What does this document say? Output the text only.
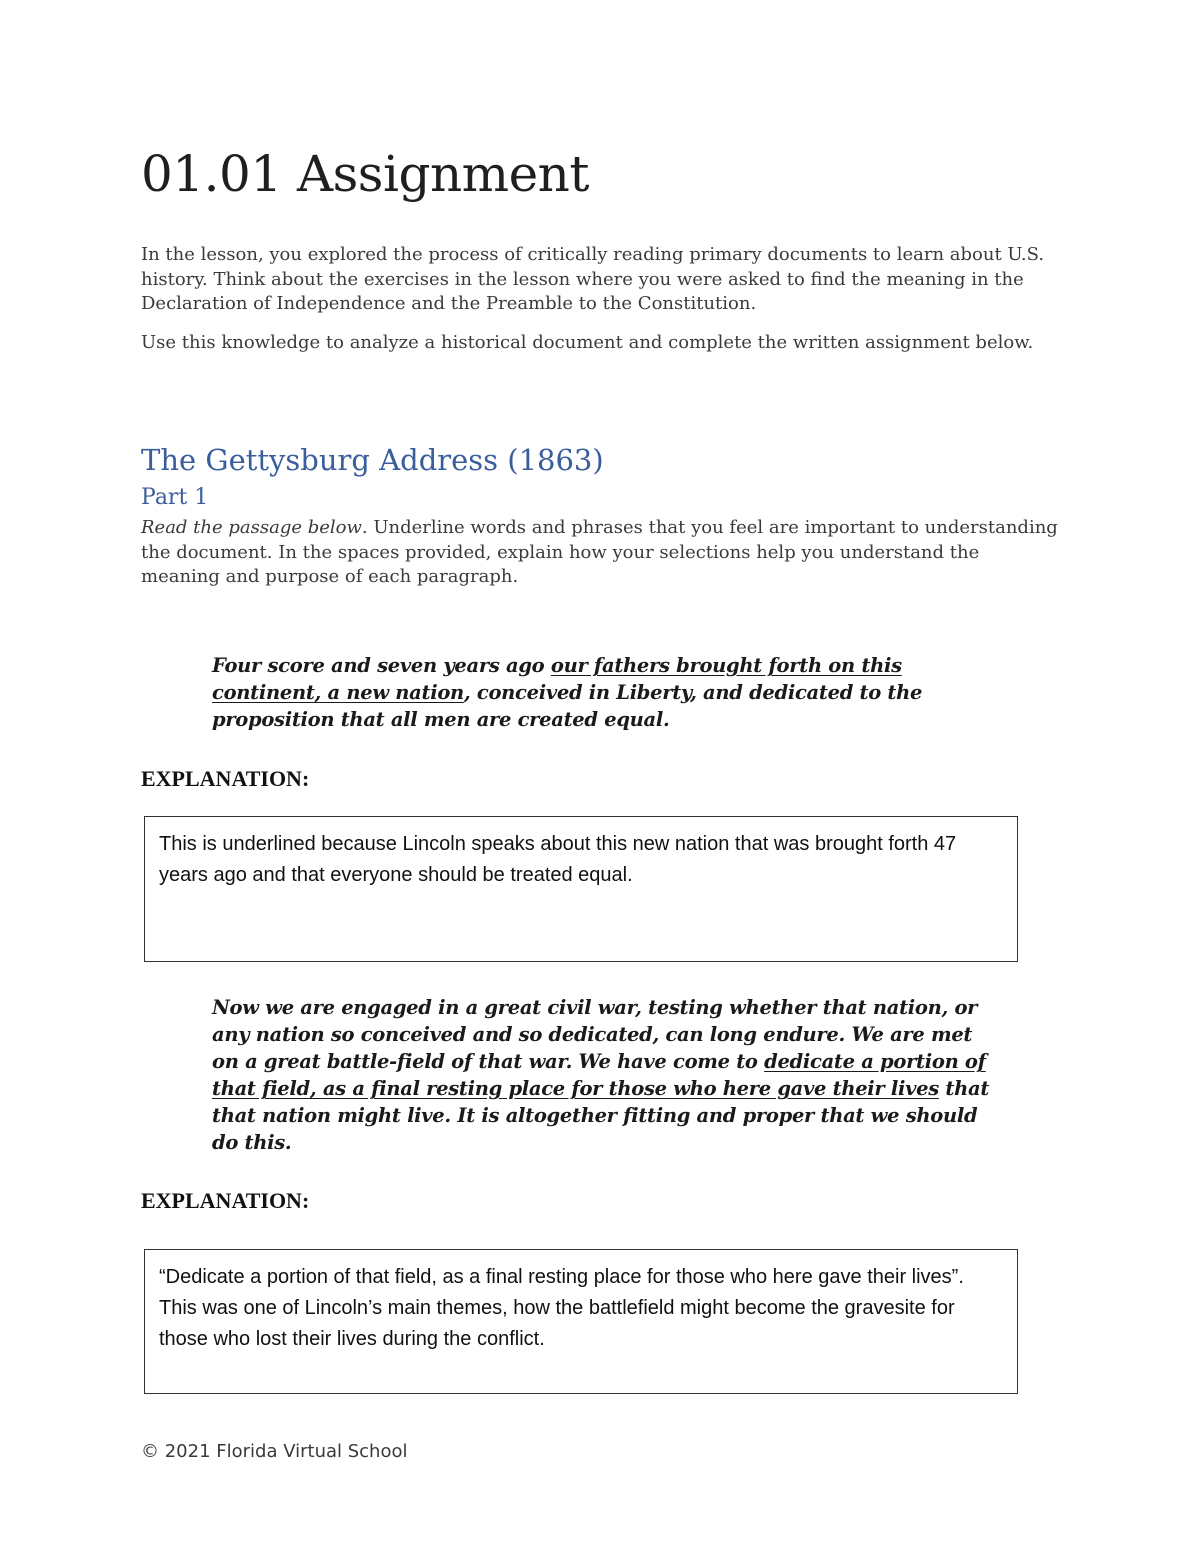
01.01 Assignment

In the lesson, you explored the process of critically reading primary documents to learn about U.S. history. Think about the exercises in the lesson where you were asked to find the meaning in the Declaration of Independence and the Preamble to the Constitution.

Use this knowledge to analyze a historical document and complete the written assignment below.

The Gettysburg Address (1863)
Part 1

Read the passage below. Underline words and phrases that you feel are important to understanding the document. In the spaces provided, explain how your selections help you understand the meaning and purpose of each paragraph.

Four score and seven years ago our fathers brought forth on this continent, a new nation, conceived in Liberty, and dedicated to the proposition that all men are created equal.

EXPLANATION:

This is underlined because Lincoln speaks about this new nation that was brought forth 47 years ago and that everyone should be treated equal.

Now we are engaged in a great civil war, testing whether that nation, or any nation so conceived and so dedicated, can long endure. We are met on a great battle-field of that war. We have come to dedicate a portion of that field, as a final resting place for those who here gave their lives that that nation might live. It is altogether fitting and proper that we should do this.

EXPLANATION:

“Dedicate a portion of that field, as a final resting place for those who here gave their lives”. This was one of Lincoln’s main themes, how the battlefield might become the gravesite for those who lost their lives during the conflict.

© 2021 Florida Virtual School
